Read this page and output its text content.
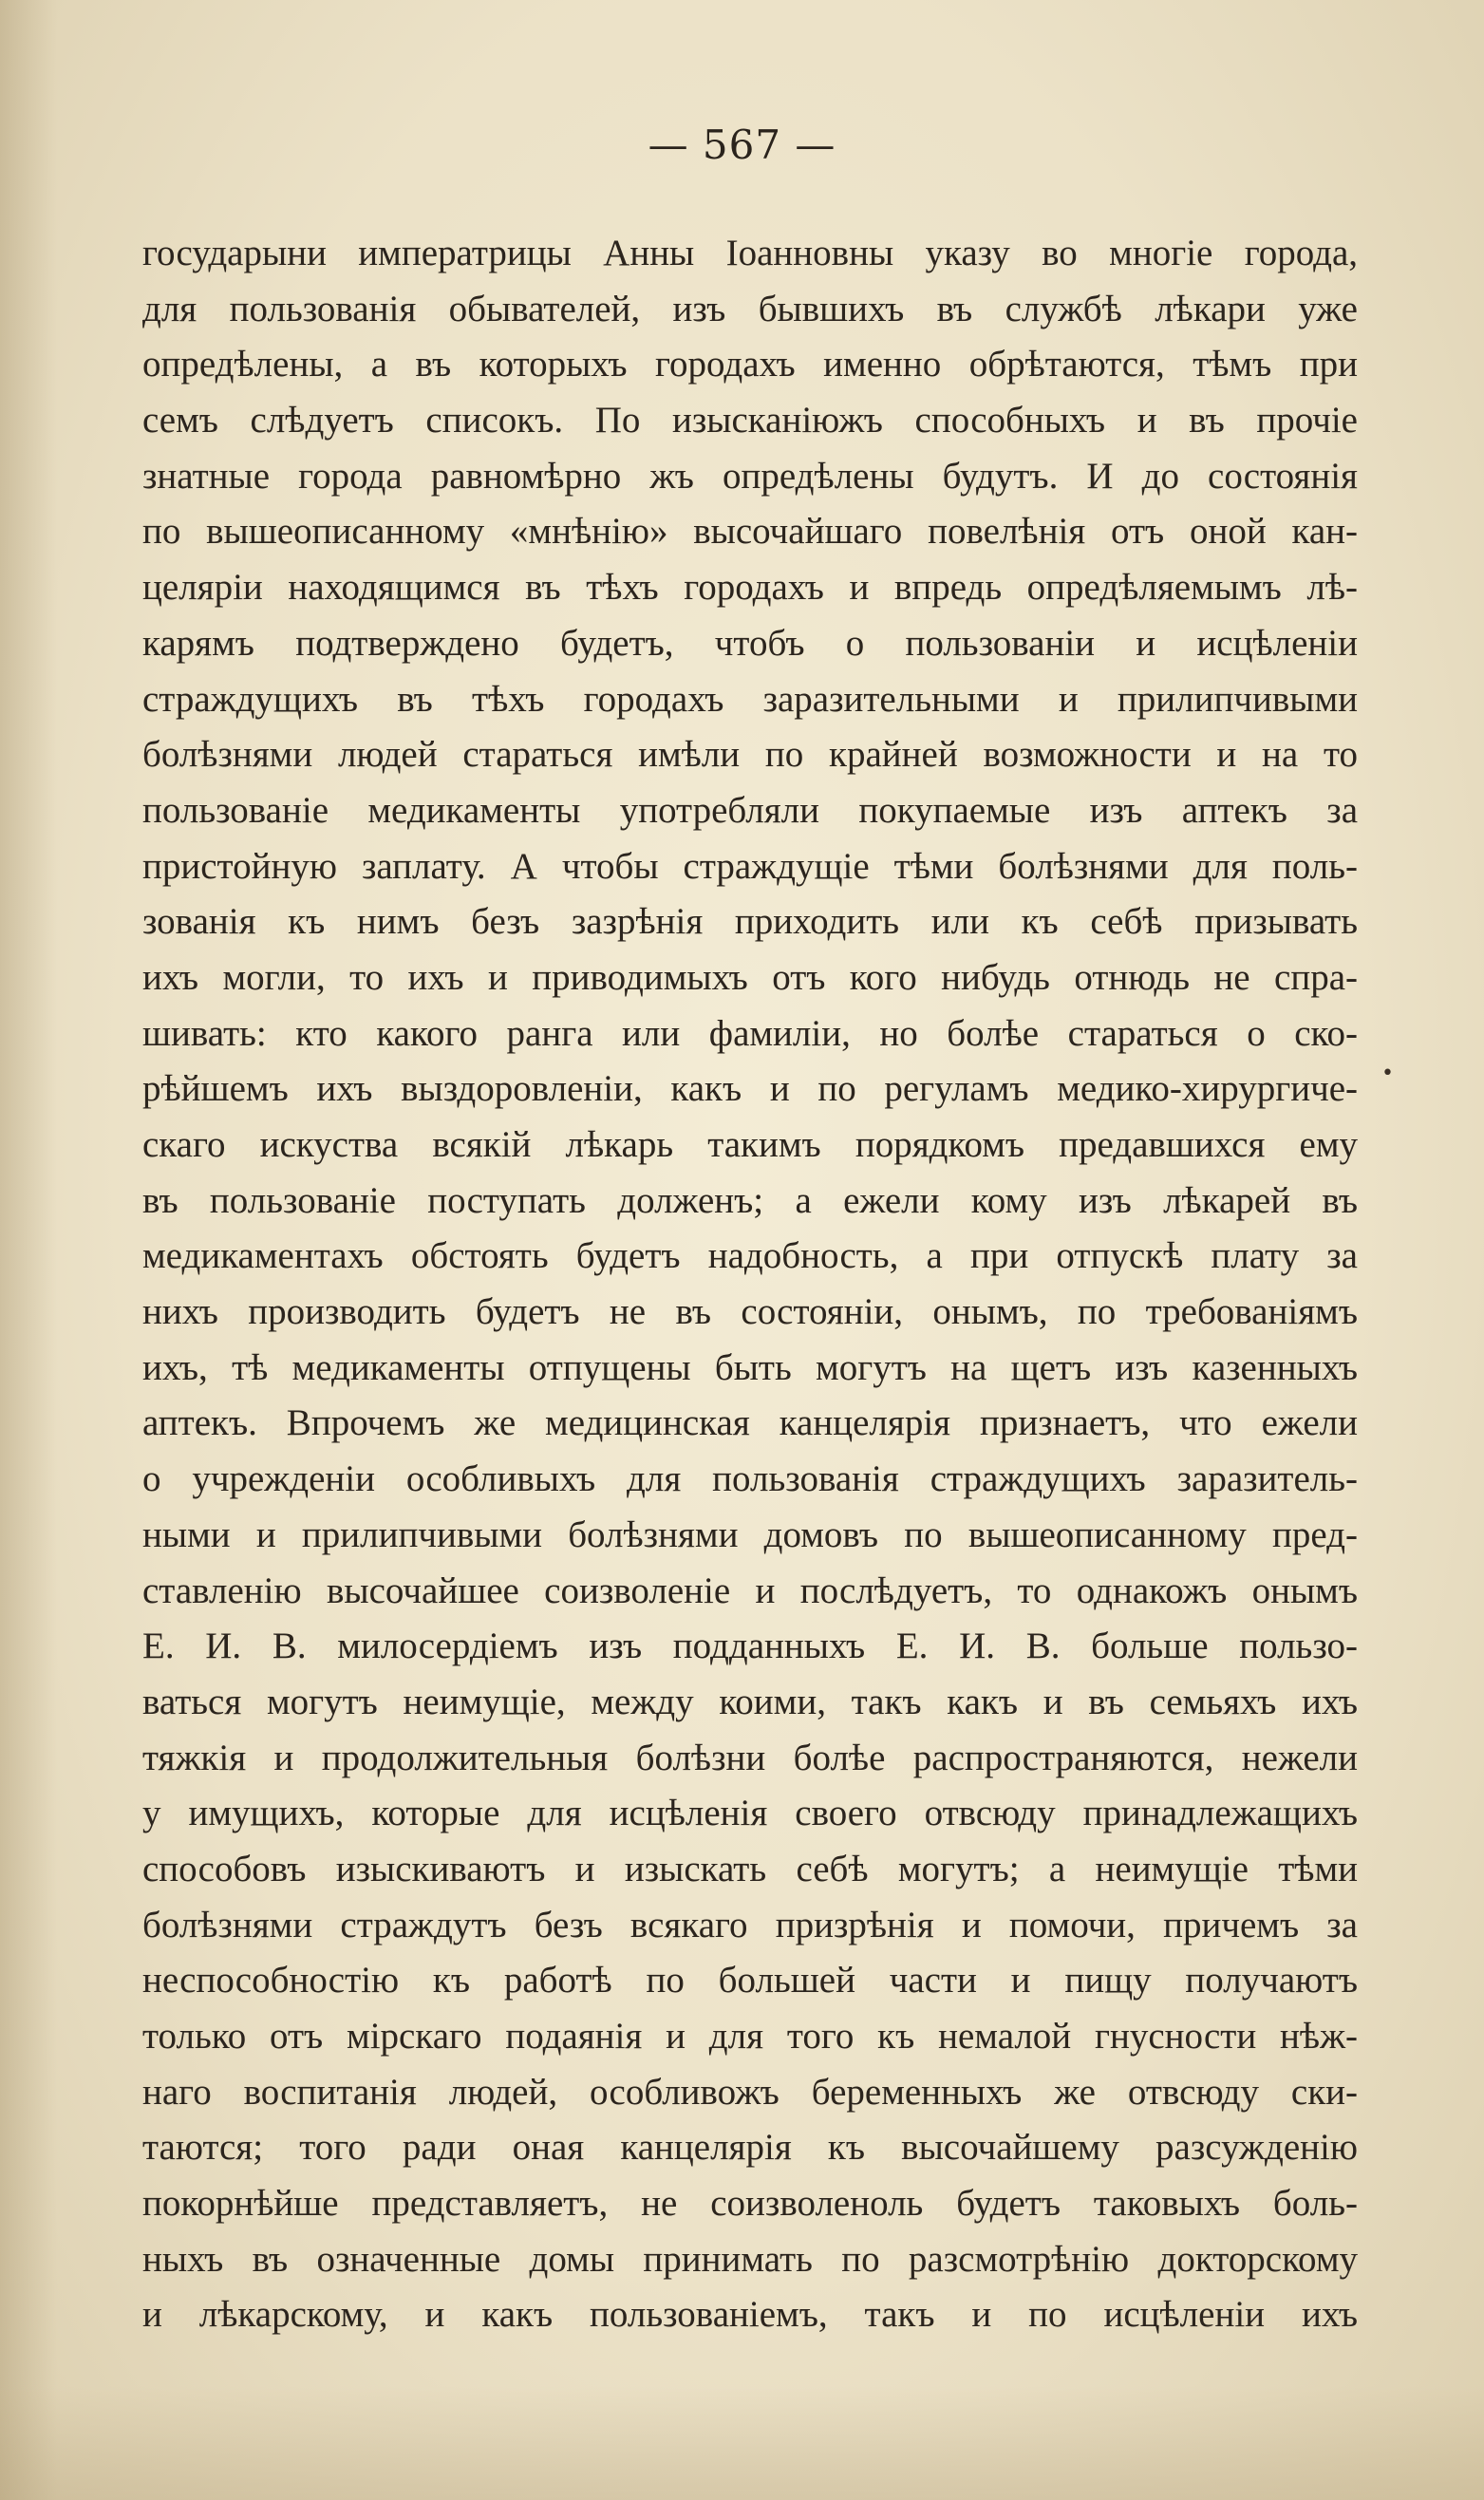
— 567 —
государыни императрицы Анны Іоанновны указу во многіе города,
для пользованія обывателей, изъ бывшихъ въ службѣ лѣкари уже
опредѣлены, а въ которыхъ городахъ именно обрѣтаются, тѣмъ при
семъ слѣдуетъ списокъ. По изысканіюжъ способныхъ и въ прочіе
знатные города равномѣрно жъ опредѣлены будутъ. И до состоянія
по вышеописанному «мнѣнію» высочайшаго повелѣнія отъ оной кан-
целяріи находящимся въ тѣхъ городахъ и впредь опредѣляемымъ лѣ-
карямъ подтверждено будетъ, чтобъ о пользованіи и исцѣленіи
страждущихъ въ тѣхъ городахъ заразительными и прилипчивыми
болѣзнями людей стараться имѣли по крайней возможности и на то
пользованіе медикаменты употребляли покупаемые изъ аптекъ за
пристойную заплату. А чтобы страждущіе тѣми болѣзнями для поль-
зованія къ нимъ безъ зазрѣнія приходить или къ себѣ призывать
ихъ могли, то ихъ и приводимыхъ отъ кого нибудь отнюдь не спра-
шивать: кто какого ранга или фамиліи, но болѣе стараться о ско-
рѣйшемъ ихъ выздоровленіи, какъ и по регуламъ медико-хирургиче-
скаго искуства всякій лѣкарь такимъ порядкомъ предавшихся ему
въ пользованіе поступать долженъ; а ежели кому изъ лѣкарей въ
медикаментахъ обстоять будетъ надобность, а при отпускѣ плату за
нихъ производить будетъ не въ состояніи, онымъ, по требованіямъ
ихъ, тѣ медикаменты отпущены быть могутъ на щетъ изъ казенныхъ
аптекъ. Впрочемъ же медицинская канцелярія признаетъ, что ежели
о учрежденіи особливыхъ для пользованія страждущихъ заразитель-
ными и прилипчивыми болѣзнями домовъ по вышеописанному пред-
ставленію высочайшее соизволеніе и послѣдуетъ, то однакожъ онымъ
Е. И. В. милосердіемъ изъ подданныхъ Е. И. В. больше пользо-
ваться могутъ неимущіе, между коими, такъ какъ и въ семьяхъ ихъ
тяжкія и продолжительныя болѣзни болѣе распространяются, нежели
у имущихъ, которые для исцѣленія своего отвсюду принадлежащихъ
способовъ изыскиваютъ и изыскать себѣ могутъ; а неимущіе тѣми
болѣзнями страждутъ безъ всякаго призрѣнія и помочи, причемъ за
неспособностію къ работѣ по большей части и пищу получаютъ
только отъ мірскаго подаянія и для того къ немалой гнусности нѣж-
наго воспитанія людей, особливожъ беременныхъ же отвсюду ски-
таются; того ради оная канцелярія къ высочайшему разсужденію
покорнѣйше представляетъ, не соизволеноль будетъ таковыхъ боль-
ныхъ въ означенные домы принимать по разсмотрѣнію докторскому
и лѣкарскому, и какъ пользованіемъ, такъ и по исцѣленіи ихъ
•
